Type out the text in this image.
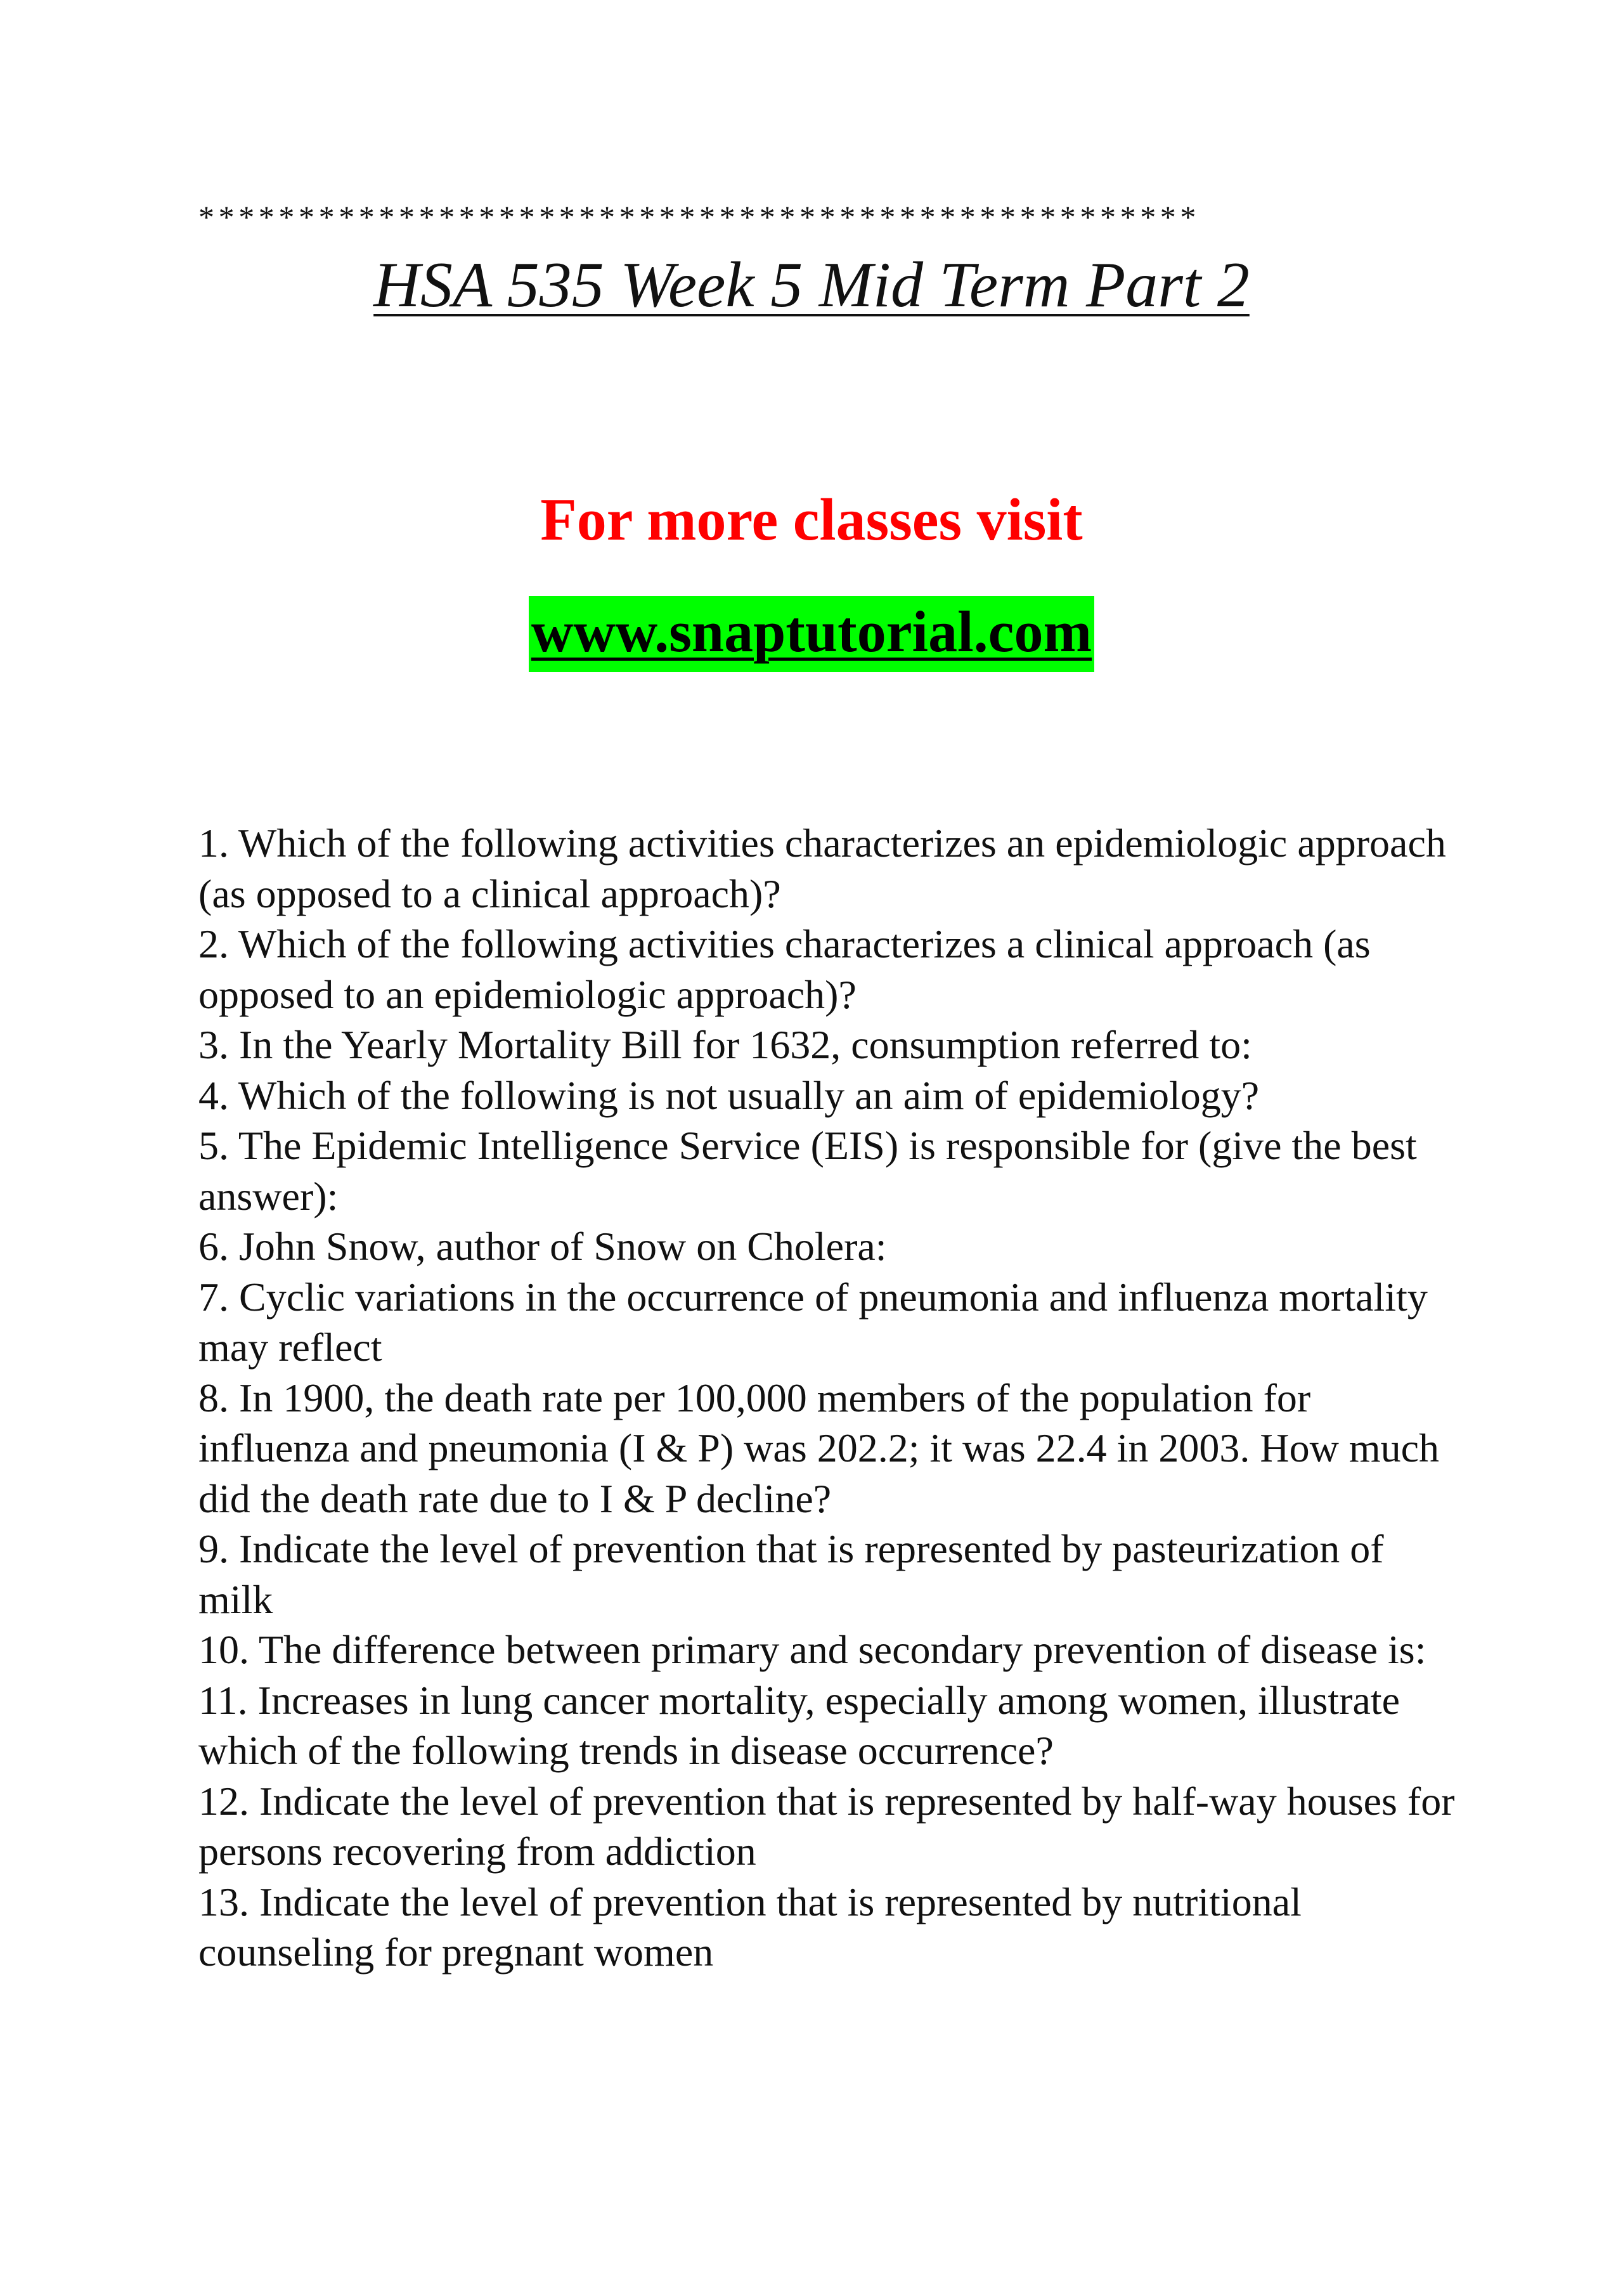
**************************************************
HSA 535 Week 5 Mid Term Part 2
For more classes visit
www.snaptutorial.com
1. Which of the following activities characterizes an epidemiologic approach (as opposed to a clinical approach)?
2. Which of the following activities characterizes a clinical approach (as opposed to an epidemiologic approach)?
3. In the Yearly Mortality Bill for 1632, consumption referred to:
4. Which of the following is not usually an aim of epidemiology?
5. The Epidemic Intelligence Service (EIS) is responsible for (give the best answer):
6. John Snow, author of Snow on Cholera:
7. Cyclic variations in the occurrence of pneumonia and influenza mortality may reflect
8. In 1900, the death rate per 100,000 members of the population for influenza and pneumonia (I & P) was 202.2; it was 22.4 in 2003. How much did the death rate due to I & P decline?
9. Indicate the level of prevention that is represented by pasteurization of milk
10. The difference between primary and secondary prevention of disease is:
11. Increases in lung cancer mortality, especially among women, illustrate which of the following trends in disease occurrence?
12. Indicate the level of prevention that is represented by half-way houses for persons recovering from addiction
13. Indicate the level of prevention that is represented by nutritional counseling for pregnant women
